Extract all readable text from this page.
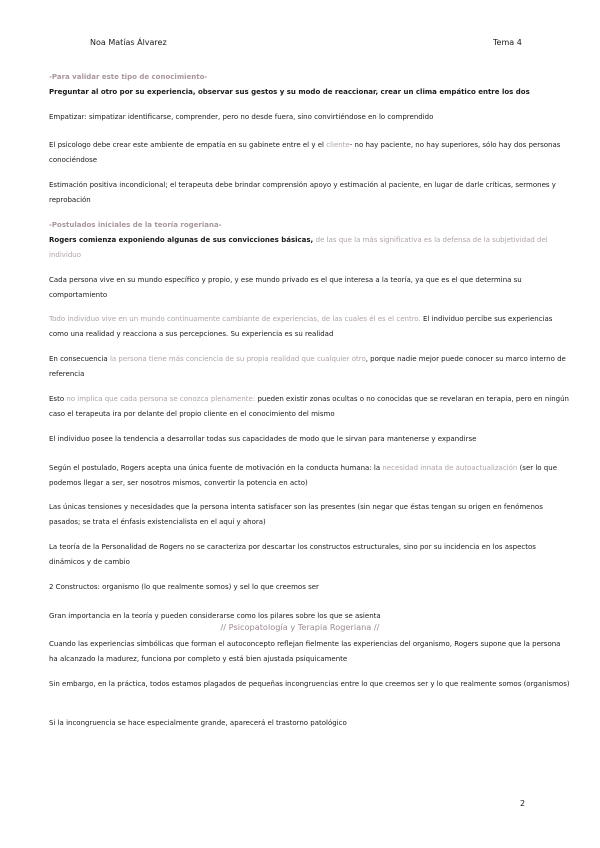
Noa Matías Álvarez	Tema 4

-Para validar este tipo de conocimiento-
Preguntar al otro por su experiencia, observar sus gestos y su modo de reaccionar, crear un clima empático entre los dos

Empatizar: simpatizar identificarse, comprender, pero no desde fuera, sino convirtiéndose en lo comprendido

El psicologo debe crear este ambiente de empatía en su gabinete entre el y el cliente- no hay paciente, no hay superiores, sólo hay dos personas conociéndose

Estimación positiva incondicional; el terapeuta debe brindar comprensión apoyo y estimación al paciente, en lugar de darle críticas, sermones y reprobación

-Postulados iniciales de la teoría rogeriana-
Rogers comienza exponiendo algunas de sus convicciones básicas, de las que la más significativa es la defensa de la subjetividad del individuo

Cada persona vive en su mundo específico y propio, y ese mundo privado es el que interesa a la teoría, ya que es el que determina su comportamiento

Todo individuo vive en un mundo continuamente cambiante de experiencias, de las cuales él es el centro. El individuo percibe sus experiencias como una realidad y reacciona a sus percepciones. Su experiencia es su realidad

En consecuencia la persona tiene más conciencia de su propia realidad que cualquier otro, porque nadie mejor puede conocer su marco interno de referencia

Esto no implica que cada persona se conozca plenamente: pueden existir zonas ocultas o no conocidas que se revelaran en terapia, pero en ningún caso el terapeuta ira por delante del propio cliente en el conocimiento del mismo

El individuo posee la tendencia a desarrollar todas sus capacidades de modo que le sirvan para mantenerse y expandirse

Según el postulado, Rogers acepta una única fuente de motivación en la conducta humana: la necesidad innata de autoactualización (ser lo que podemos llegar a ser, ser nosotros mismos, convertir la potencia en acto)

Las únicas tensiones y necesidades que la persona intenta satisfacer son las presentes (sin negar que éstas tengan su origen en fenómenos pasados; se trata el énfasis existencialista en el aquí y ahora)

La teoría de la Personalidad de Rogers no se caracteriza por descartar los constructos estructurales, sino por su incidencia en los aspectos dinámicos y de cambio

2 Constructos: organismo (lo que realmente somos) y sel lo que creemos ser

Gran importancia en la teoría y pueden considerarse como los pilares sobre los que se asienta

// Psicopatología y Terapia Rogeriana //

Cuando las experiencias simbólicas que forman el autoconcepto reflejan fielmente las experiencias del organismo, Rogers supone que la persona ha alcanzado la madurez, funciona por completo y está bien ajustada psiquicamente

Sin embargo, en la práctica, todos estamos plagados de pequeñas incongruencias entre lo que creemos ser y lo que realmente somos (organismos)

Si la incongruencia se hace especialmente grande, aparecerá el trastorno patológico

2
